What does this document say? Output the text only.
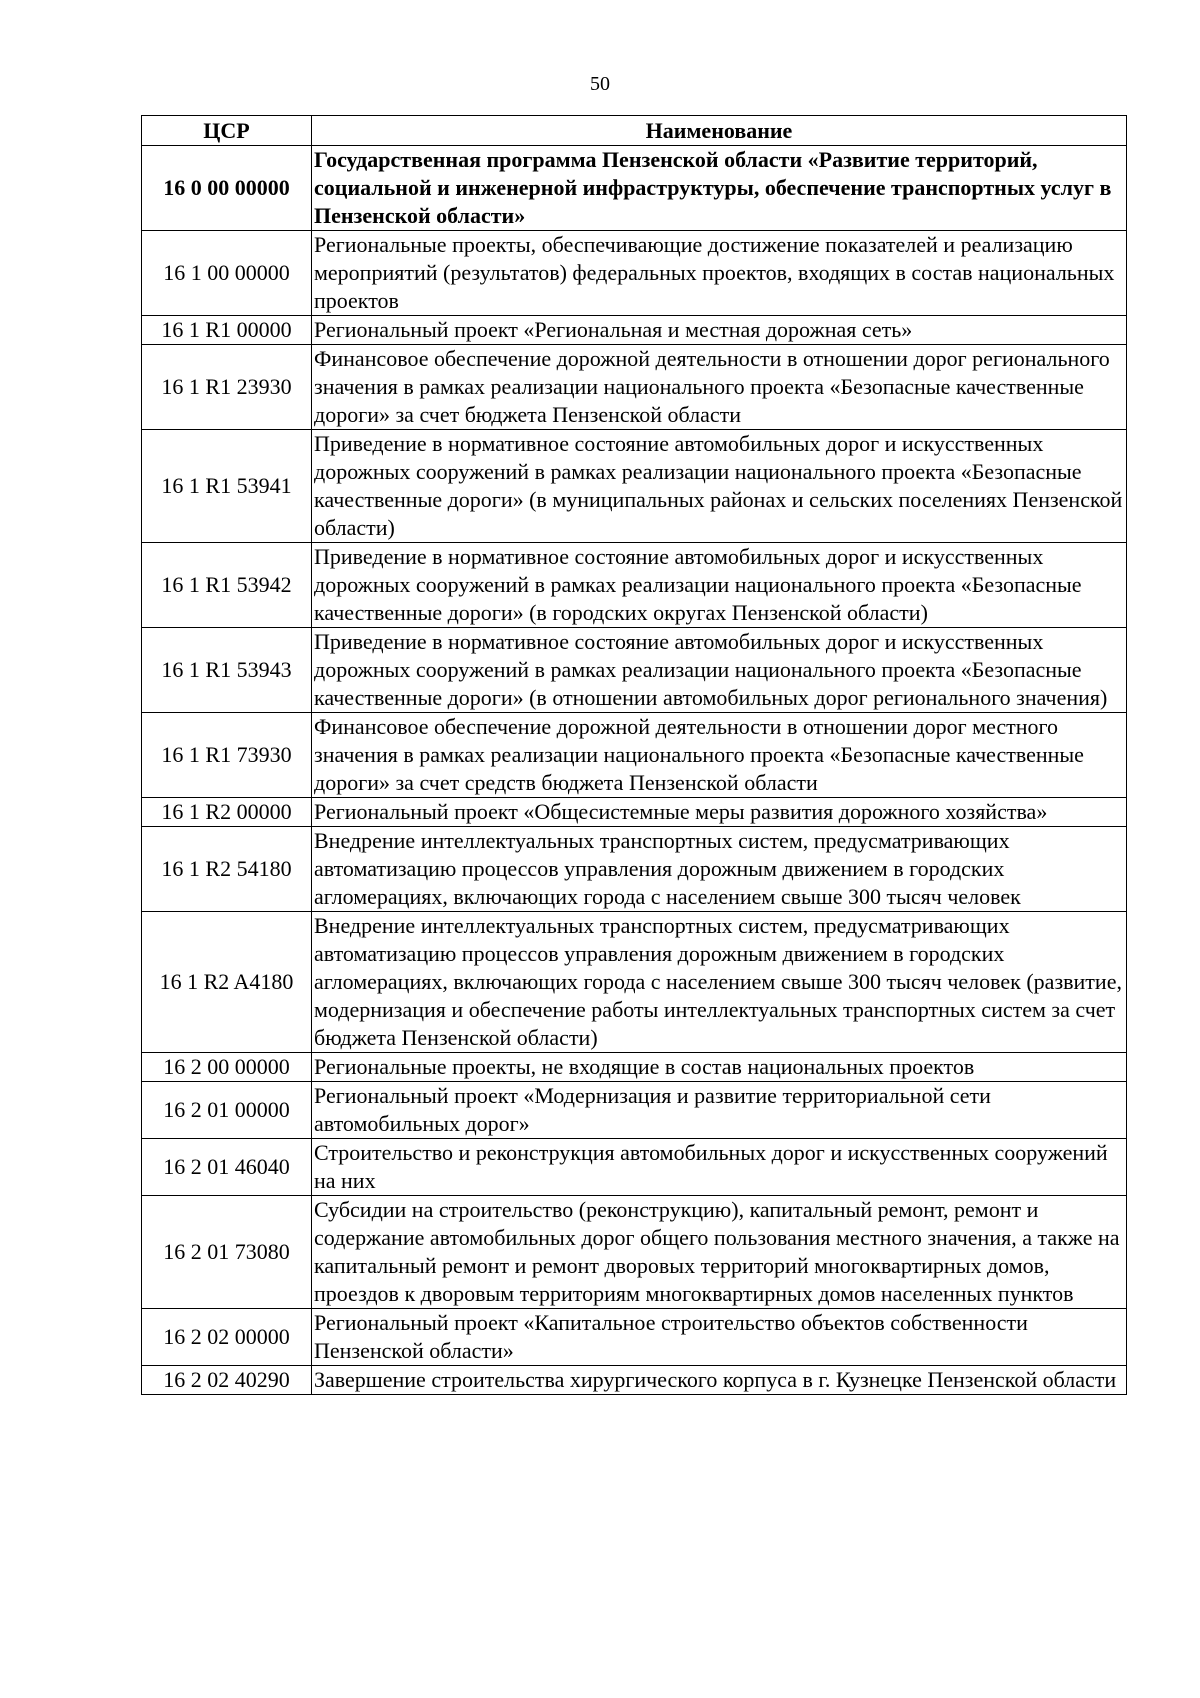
50
ЦСР	Наименование
16 0 00 00000	Государственная программа Пензенской области «Развитие территорий, социальной и инженерной инфраструктуры, обеспечение транспортных услуг в Пензенской области»
16 1 00 00000	Региональные проекты, обеспечивающие достижение показателей и реализацию мероприятий (результатов) федеральных проектов, входящих в состав национальных проектов
16 1 R1 00000	Региональный проект «Региональная и местная дорожная сеть»
16 1 R1 23930	Финансовое обеспечение дорожной деятельности в отношении дорог регионального значения в рамках реализации национального проекта «Безопасные качественные дороги» за счет бюджета Пензенской области
16 1 R1 53941	Приведение в нормативное состояние автомобильных дорог и искусственных дорожных сооружений в рамках реализации национального проекта «Безопасные качественные дороги» (в муниципальных районах и сельских поселениях Пензенской области)
16 1 R1 53942	Приведение в нормативное состояние автомобильных дорог и искусственных дорожных сооружений в рамках реализации национального проекта «Безопасные качественные дороги» (в городских округах Пензенской области)
16 1 R1 53943	Приведение в нормативное состояние автомобильных дорог и искусственных дорожных сооружений в рамках реализации национального проекта «Безопасные качественные дороги» (в отношении автомобильных дорог регионального значения)
16 1 R1 73930	Финансовое обеспечение дорожной деятельности в отношении дорог местного значения в рамках реализации национального проекта «Безопасные качественные дороги» за счет средств бюджета Пензенской области
16 1 R2 00000	Региональный проект «Общесистемные меры развития дорожного хозяйства»
16 1 R2 54180	Внедрение интеллектуальных транспортных систем, предусматривающих автоматизацию процессов управления дорожным движением в городских агломерациях, включающих города с населением свыше 300 тысяч человек
16 1 R2 A4180	Внедрение интеллектуальных транспортных систем, предусматривающих автоматизацию процессов управления дорожным движением в городских агломерациях, включающих города с населением свыше 300 тысяч человек (развитие, модернизация и обеспечение работы интеллектуальных транспортных систем за счет бюджета Пензенской области)
16 2 00 00000	Региональные проекты, не входящие в состав национальных проектов
16 2 01 00000	Региональный проект «Модернизация и развитие территориальной сети автомобильных дорог»
16 2 01 46040	Строительство и реконструкция автомобильных дорог и искусственных сооружений на них
16 2 01 73080	Субсидии на строительство (реконструкцию), капитальный ремонт, ремонт и содержание автомобильных дорог общего пользования местного значения, а также на капитальный ремонт и ремонт дворовых территорий многоквартирных домов, проездов к дворовым территориям многоквартирных домов населенных пунктов
16 2 02 00000	Региональный проект «Капитальное строительство объектов собственности Пензенской области»
16 2 02 40290	Завершение строительства хирургического корпуса в г. Кузнецке Пензенской области
